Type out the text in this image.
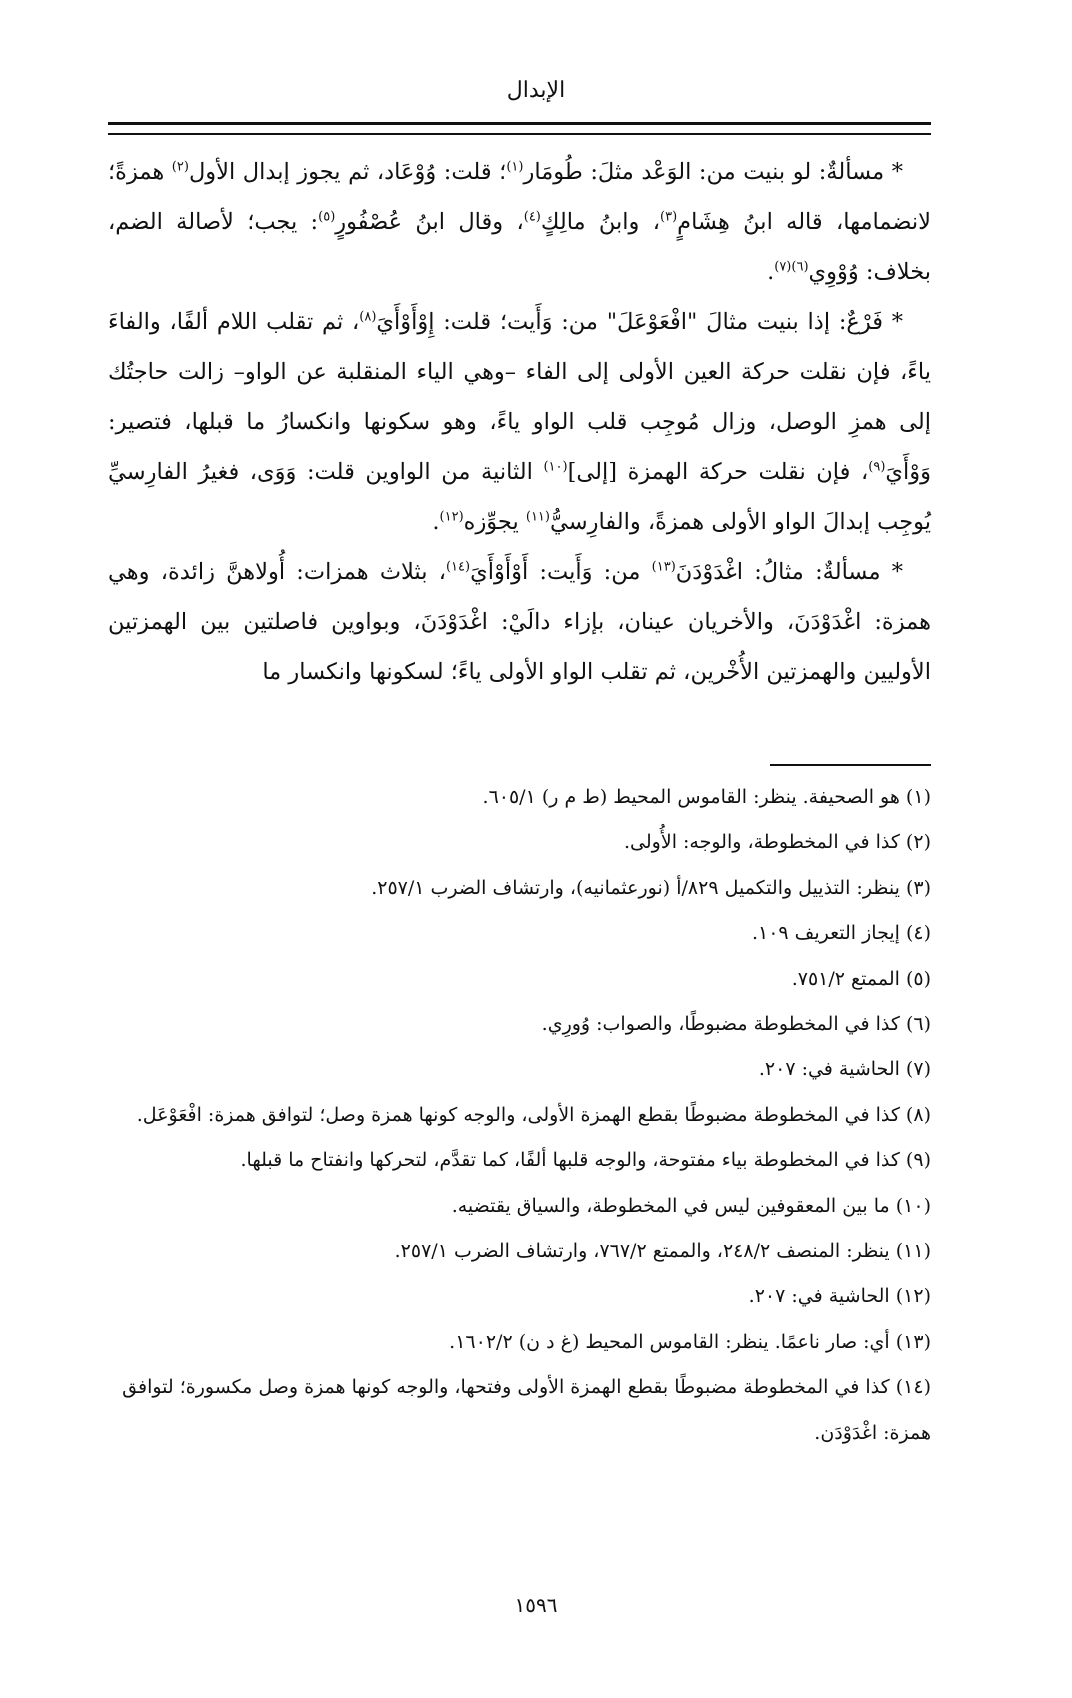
الإبدال

* مسألةٌ: لو بنيت من: الوَعْد مثلَ: طُومَار$^{(١)}$؛ قلت: وُوْعَاد، ثم يجوز إبدال الأول$^{(٢)}$ همزةً؛ لانضمامها، قاله ابنُ هِشَامٍ$^{(٣)}$، وابنُ مالِكٍ$^{(٤)}$، وقال ابنُ عُصْفُورٍ$^{(٥)}$: يجب؛ لأصالة الضم، بخلاف: وُوْوِي$^{(٦)(٧)}$.

* فَرْعٌ: إذا بنيت مثالَ "افْعَوْعَلَ" من: وَأَيت؛ قلت: إِوْأَوْأَيَ$^{(٨)}$، ثم تقلب اللام ألفًا، والفاءَ ياءً، فإن نقلت حركة العين الأولى إلى الفاء –وهي الياء المنقلبة عن الواو– زالت حاجتُك إلى همزِ الوصل، وزال مُوجِب قلب الواو ياءً، وهو سكونها وانكسارُ ما قبلها، فتصير: وَوْأَيَ$^{(٩)}$، فإن نقلت حركة الهمزة [إلى]$^{(١٠)}$ الثانية من الواوين قلت: وَوَى، فغيرُ الفارِسيِّ يُوجِب إبدالَ الواو الأولى همزةً، والفارِسيُّ$^{(١١)}$ يجوِّزه$^{(١٢)}$.

* مسألةٌ: مثالُ: اغْدَوْدَنَ$^{(١٣)}$ من: وَأَيت: أَوْأَوْأَيَ$^{(١٤)}$، بثلاث همزات: أُولاهنَّ زائدة، وهي همزة: اغْدَوْدَنَ، والأخريان عينان، بإزاء دالَيْ: اغْدَوْدَنَ، وبواوين فاصلتين بين الهمزتين الأوليين والهمزتين الأُخْرين، ثم تقلب الواو الأولى ياءً؛ لسكونها وانكسار ما

(١) هو الصحيفة. ينظر: القاموس المحيط (ط م ر) ٦٠٥/١.

(٢) كذا في المخطوطة، والوجه: الأُولى.

(٣) ينظر: التذييل والتكميل ٨٢٩/أ (نورعثمانيه)، وارتشاف الضرب ٢٥٧/١.

(٤) إيجاز التعريف ١٠٩.

(٥) الممتع ٧٥١/٢.

(٦) كذا في المخطوطة مضبوطًا، والصواب: وُورِي.

(٧) الحاشية في: ٢٠٧.

(٨) كذا في المخطوطة مضبوطًا بقطع الهمزة الأولى، والوجه كونها همزة وصل؛ لتوافق همزة: افْعَوْعَل.

(٩) كذا في المخطوطة بياء مفتوحة، والوجه قلبها ألفًا، كما تقدَّم، لتحركها وانفتاح ما قبلها.

(١٠) ما بين المعقوفين ليس في المخطوطة، والسياق يقتضيه.

(١١) ينظر: المنصف ٢٤٨/٢، والممتع ٧٦٧/٢، وارتشاف الضرب ٢٥٧/١.

(١٢) الحاشية في: ٢٠٧.

(١٣) أي: صار ناعمًا. ينظر: القاموس المحيط (غ د ن) ١٦٠٢/٢.

(١٤) كذا في المخطوطة مضبوطًا بقطع الهمزة الأولى وفتحها، والوجه كونها همزة وصل مكسورة؛ لتوافق همزة: اغْدَوْدَن.

١٥٩٦
